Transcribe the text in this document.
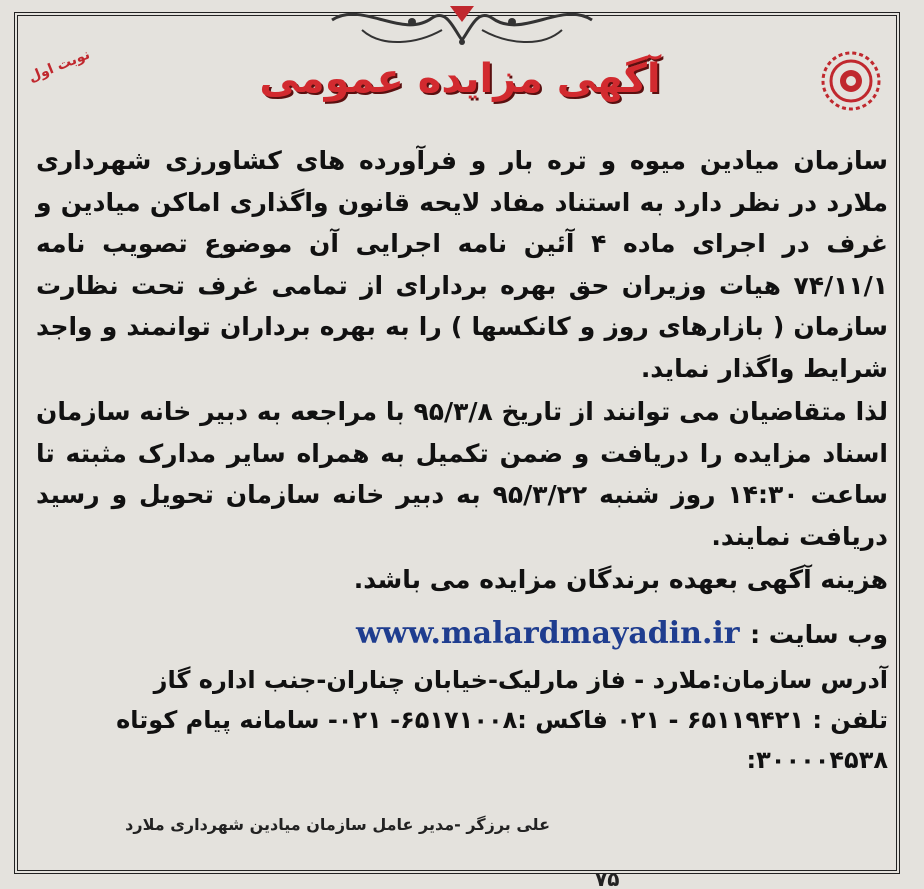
نوبت اول	آگهی مزایده عمومی

سازمان میادین میوه و تره بار و فرآورده های کشاورزی شهرداری ملارد در نظر دارد به استناد مفاد لایحه قانون واگذاری اماکن میادین و غرف در اجرای ماده ۴ آئین نامه اجرایی آن موضوع تصویب نامه ۷۴/۱۱/۱ هیات وزیران حق بهره بردارای از تمامی غرف تحت نظارت سازمان ( بازارهای روز و کانکسها ) را به بهره برداران توانمند و واجد شرایط واگذار نماید.

لذا متقاضیان می توانند از تاریخ ۹۵/۳/۸ با مراجعه به دبیر خانه سازمان اسناد مزایده را دریافت و ضمن تکمیل به همراه سایر مدارک مثبته تا ساعت ۱۴:۳۰ روز شنبه ۹۵/۳/۲۲ به دبیر خانه سازمان تحویل و رسید دریافت نمایند.

هزینه آگهی بعهده برندگان مزایده می باشد.

وب سایت :
www.malardmayadin.ir
آدرس سازمان:ملارد - فاز مارلیک-خیابان چناران-جنب اداره گاز
تلفن : ۶۵۱۱۹۴۲۱ - ۰۲۱ فاکس :۶۵۱۷۱۰۰۸- ۰۲۱- سامانه پیام کوتاه
۳۰۰۰۰۴۵۳۸:
علی برزگر -مدیر عامل سازمان میادین شهرداری ملارد
۷۵
